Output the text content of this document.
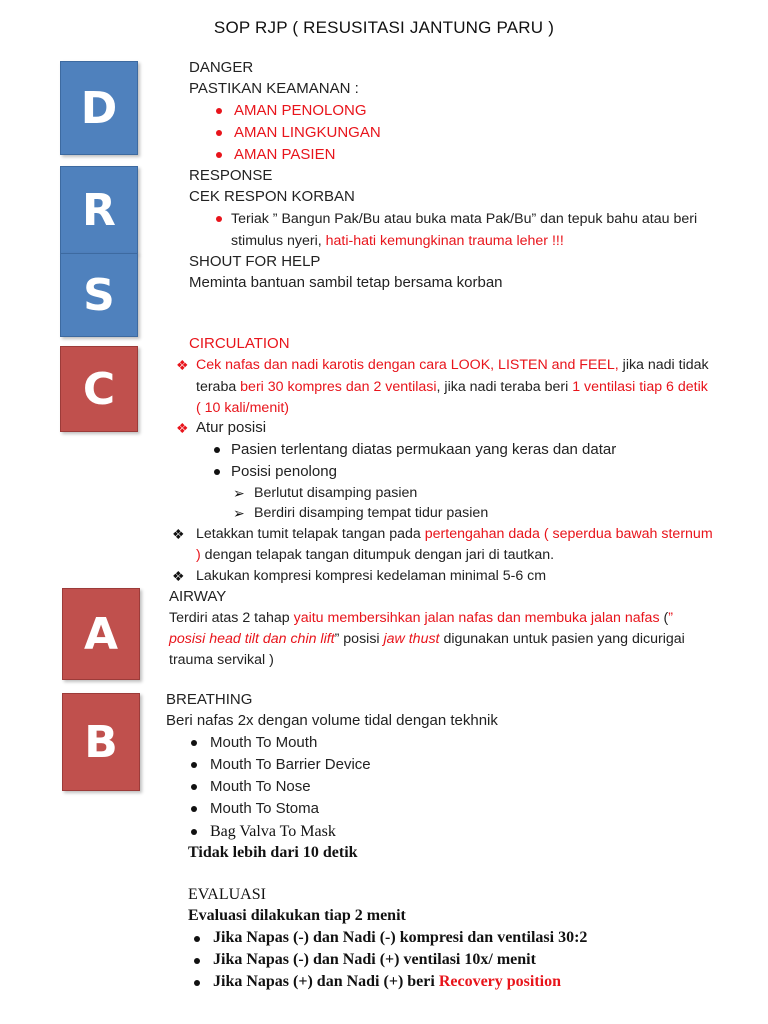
SOP RJP ( RESUSITASI JANTUNG PARU )
D
R
S
C
A
B
DANGER
PASTIKAN KEAMANAN :
AMAN PENOLONG
AMAN LINGKUNGAN
AMAN PASIEN
RESPONSE
CEK RESPON KORBAN
Teriak ” Bangun Pak/Bu atau buka mata Pak/Bu” dan tepuk bahu atau beri
stimulus nyeri, hati-hati kemungkinan trauma leher !!!
SHOUT FOR HELP
Meminta bantuan sambil tetap bersama korban
CIRCULATION
❖ Cek nafas dan nadi karotis dengan cara LOOK, LISTEN and FEEL, jika nadi tidak
teraba beri 30 kompres dan 2 ventilasi, jika nadi teraba beri 1 ventilasi tiap 6 detik
( 10 kali/menit)
❖ Atur posisi
Pasien terlentang diatas permukaan yang keras dan datar
Posisi penolong
➢ Berlutut disamping pasien
➢ Berdiri disamping tempat tidur pasien
❖ Letakkan tumit telapak tangan pada pertengahan dada ( seperdua bawah sternum
) dengan telapak tangan ditumpuk dengan jari di tautkan.
❖ Lakukan kompresi kompresi kedelaman minimal 5-6 cm
AIRWAY
Terdiri atas 2 tahap yaitu membersihkan jalan nafas dan membuka jalan nafas (”
posisi head tilt dan chin lift” posisi jaw thust digunakan untuk pasien yang dicurigai
trauma servikal )
BREATHING
Beri nafas 2x dengan volume tidal dengan tekhnik
Mouth To Mouth
Mouth To Barrier Device
Mouth To Nose
Mouth To Stoma
Bag Valva To Mask
Tidak lebih dari 10 detik
EVALUASI
Evaluasi dilakukan tiap 2 menit
Jika Napas (-) dan Nadi (-) kompresi dan ventilasi 30:2
Jika Napas (-) dan Nadi (+) ventilasi 10x/ menit
Jika Napas (+) dan Nadi (+) beri Recovery position
